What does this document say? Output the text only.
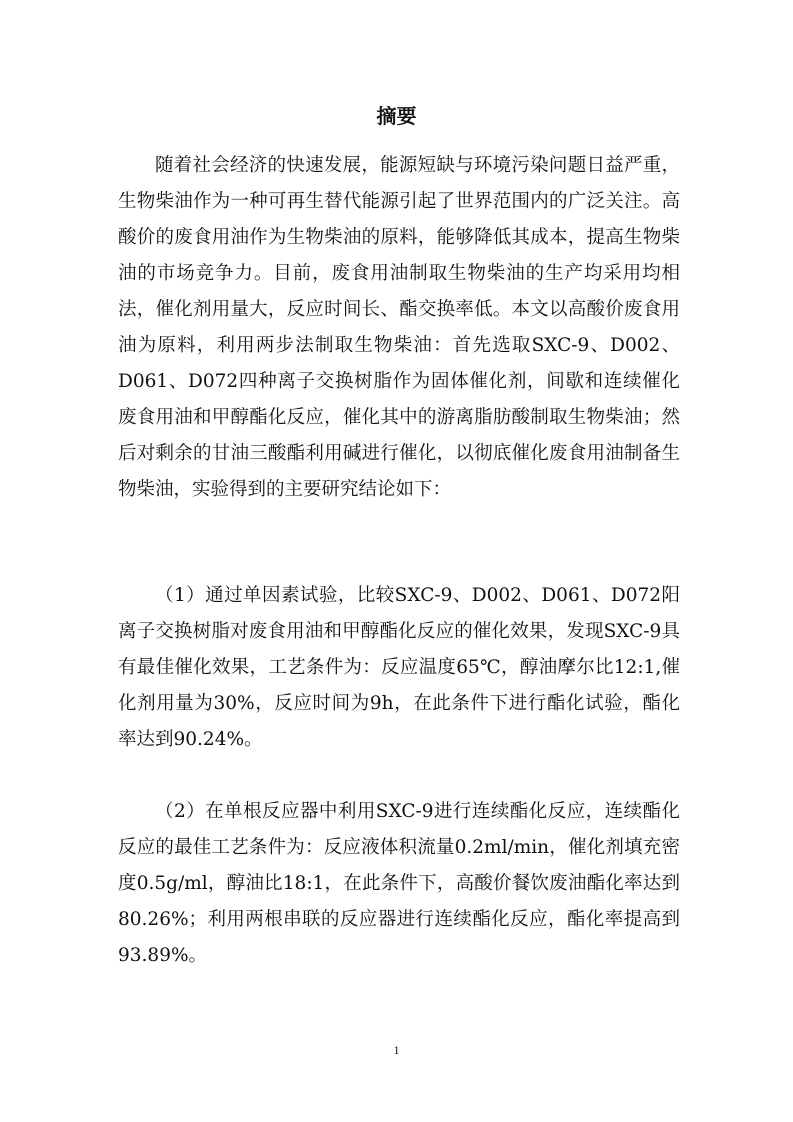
摘要

随着社会经济的快速发展，能源短缺与环境污染问题日益严重，生物柴油作为一种可再生替代能源引起了世界范围内的广泛关注。高酸价的废食用油作为生物柴油的原料，能够降低其成本，提高生物柴油的市场竞争力。目前，废食用油制取生物柴油的生产均采用均相法，催化剂用量大，反应时间长、酯交换率低。本文以高酸价废食用油为原料，利用两步法制取生物柴油：首先选取SXC-9、D002、D061、D072四种离子交换树脂作为固体催化剂，间歇和连续催化废食用油和甲醇酯化反应，催化其中的游离脂肪酸制取生物柴油；然后对剩余的甘油三酸酯利用碱进行催化，以彻底催化废食用油制备生物柴油，实验得到的主要研究结论如下：

（1）通过单因素试验，比较SXC-9、D002、D061、D072阳离子交换树脂对废食用油和甲醇酯化反应的催化效果，发现SXC-9具有最佳催化效果，工艺条件为：反应温度65℃，醇油摩尔比12:1,催化剂用量为30%，反应时间为9h，在此条件下进行酯化试验，酯化率达到90.24%。

（2）在单根反应器中利用SXC-9进行连续酯化反应，连续酯化反应的最佳工艺条件为：反应液体积流量0.2ml/min，催化剂填充密度0.5g/ml，醇油比18:1，在此条件下，高酸价餐饮废油酯化率达到80.26%；利用两根串联的反应器进行连续酯化反应，酯化率提高到93.89%。

1
